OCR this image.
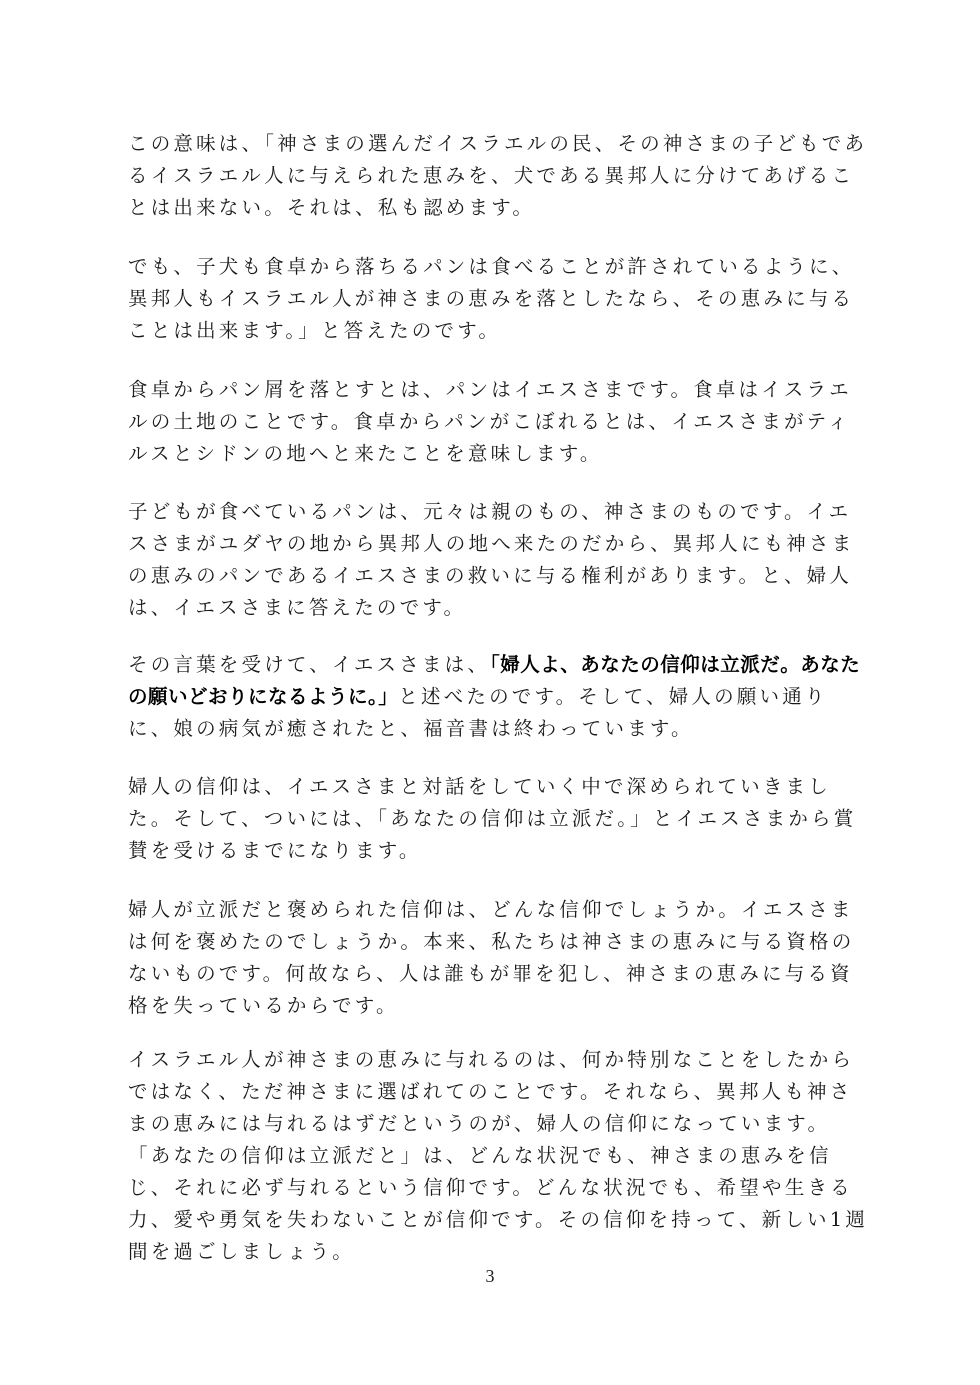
この意味は、「神さまの選んだイスラエルの民、その神さまの子どもであ
るイスラエル人に与えられた恵みを、犬である異邦人に分けてあげるこ
とは出来ない。それは、私も認めます。
でも、子犬も食卓から落ちるパンは食べることが許されているように、
異邦人もイスラエル人が神さまの恵みを落としたなら、その恵みに与る
ことは出来ます。」と答えたのです。
食卓からパン屑を落とすとは、パンはイエスさまです。食卓はイスラエ
ルの土地のことです。食卓からパンがこぼれるとは、イエスさまがティ
ルスとシドンの地へと来たことを意味します。
子どもが食べているパンは、元々は親のもの、神さまのものです。イエ
スさまがユダヤの地から異邦人の地へ来たのだから、異邦人にも神さま
の恵みのパンであるイエスさまの救いに与る権利があります。と、婦人
は、イエスさまに答えたのです。
その言葉を受けて、イエスさまは、「婦人よ、あなたの信仰は立派だ。あなた
の願いどおりになるように。」と述べたのです。そして、婦人の願い通り
に、娘の病気が癒されたと、福音書は終わっています。
婦人の信仰は、イエスさまと対話をしていく中で深められていきまし
た。そして、ついには、「あなたの信仰は立派だ。」とイエスさまから賞
賛を受けるまでになります。
婦人が立派だと褒められた信仰は、どんな信仰でしょうか。イエスさま
は何を褒めたのでしょうか。本来、私たちは神さまの恵みに与る資格の
ないものです。何故なら、人は誰もが罪を犯し、神さまの恵みに与る資
格を失っているからです。
イスラエル人が神さまの恵みに与れるのは、何か特別なことをしたから
ではなく、ただ神さまに選ばれてのことです。それなら、異邦人も神さ
まの恵みには与れるはずだというのが、婦人の信仰になっています。
「あなたの信仰は立派だと」は、どんな状況でも、神さまの恵みを信
じ、それに必ず与れるという信仰です。どんな状況でも、希望や生きる
力、愛や勇気を失わないことが信仰です。その信仰を持って、新しい1週
間を過ごしましょう。
3
